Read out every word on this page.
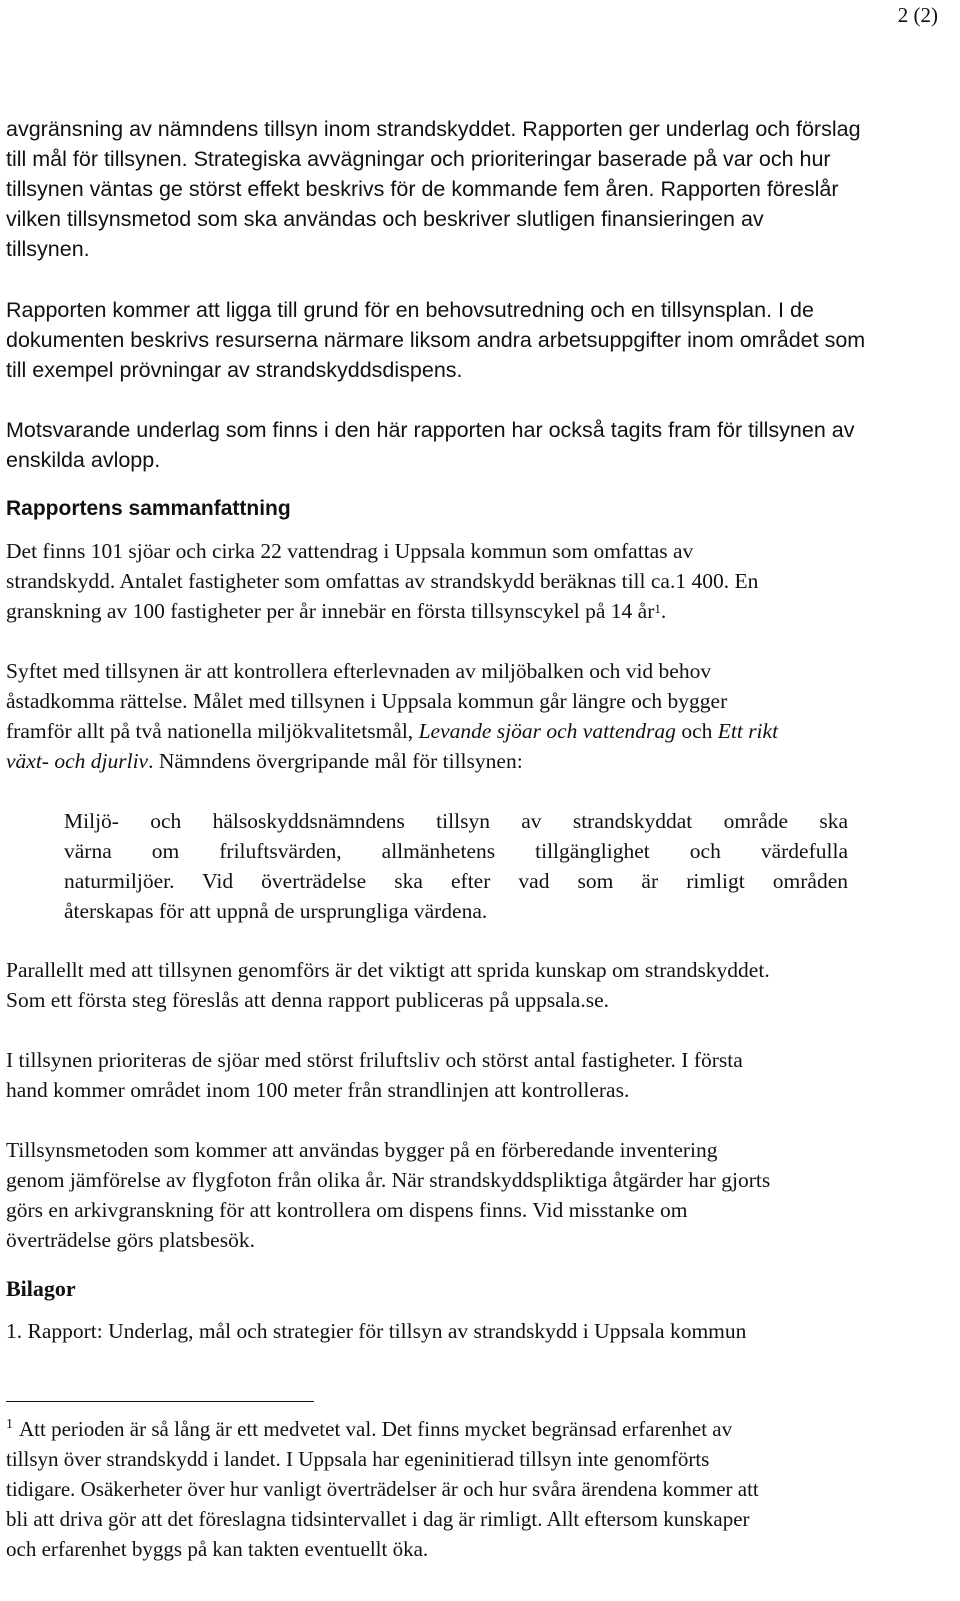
2 (2)

avgränsning av nämndens tillsyn inom strandskyddet. Rapporten ger underlag och förslag
till mål för tillsynen. Strategiska avvägningar och prioriteringar baserade på var och hur
tillsynen väntas ge störst effekt beskrivs för de kommande fem åren. Rapporten föreslår
vilken tillsynsmetod som ska användas och beskriver slutligen finansieringen av
tillsynen.

Rapporten kommer att ligga till grund för en behovsutredning och en tillsynsplan. I de
dokumenten beskrivs resurserna närmare liksom andra arbetsuppgifter inom området som
till exempel prövningar av strandskyddsdispens.

Motsvarande underlag som finns i den här rapporten har också tagits fram för tillsynen av
enskilda avlopp.

Rapportens sammanfattning

Det finns 101 sjöar och cirka 22 vattendrag i Uppsala kommun som omfattas av
strandskydd. Antalet fastigheter som omfattas av strandskydd beräknas till ca.1 400. En
granskning av 100 fastigheter per år innebär en första tillsynscykel på 14 $år^1$.

Syftet med tillsynen är att kontrollera efterlevnaden av miljöbalken och vid behov
åstadkomma rättelse. Målet med tillsynen i Uppsala kommun går längre och bygger
framför allt på två nationella miljökvalitetsmål, Levande sjöar och vattendrag och Ett rikt
växt- och djurliv. Nämndens övergripande mål för tillsynen:

Miljö- och hälsoskyddsnämndens tillsyn av strandskyddat område ska
värna om friluftsvärden, allmänhetens tillgänglighet och värdefulla
naturmiljöer. Vid överträdelse ska efter vad som är rimligt områden
återskapas för att uppnå de ursprungliga värdena.

Parallellt med att tillsynen genomförs är det viktigt att sprida kunskap om strandskyddet.
Som ett första steg föreslås att denna rapport publiceras på uppsala.se.

I tillsynen prioriteras de sjöar med störst friluftsliv och störst antal fastigheter. I första
hand kommer området inom 100 meter från strandlinjen att kontrolleras.

Tillsynsmetoden som kommer att användas bygger på en förberedande inventering
genom jämförelse av flygfoton från olika år. När strandskyddspliktiga åtgärder har gjorts
görs en arkivgranskning för att kontrollera om dispens finns. Vid misstanke om
överträdelse görs platsbesök.

Bilagor

1. Rapport: Underlag, mål och strategier för tillsyn av strandskydd i Uppsala kommun

$^1$ Att perioden är så lång är ett medvetet val. Det finns mycket begränsad erfarenhet av
tillsyn över strandskydd i landet. I Uppsala har egeninitierad tillsyn inte genomförts
tidigare. Osäkerheter över hur vanligt överträdelser är och hur svåra ärendena kommer att
bli att driva gör att det föreslagna tidsintervallet i dag är rimligt. Allt eftersom kunskaper
och erfarenhet byggs på kan takten eventuellt öka.
